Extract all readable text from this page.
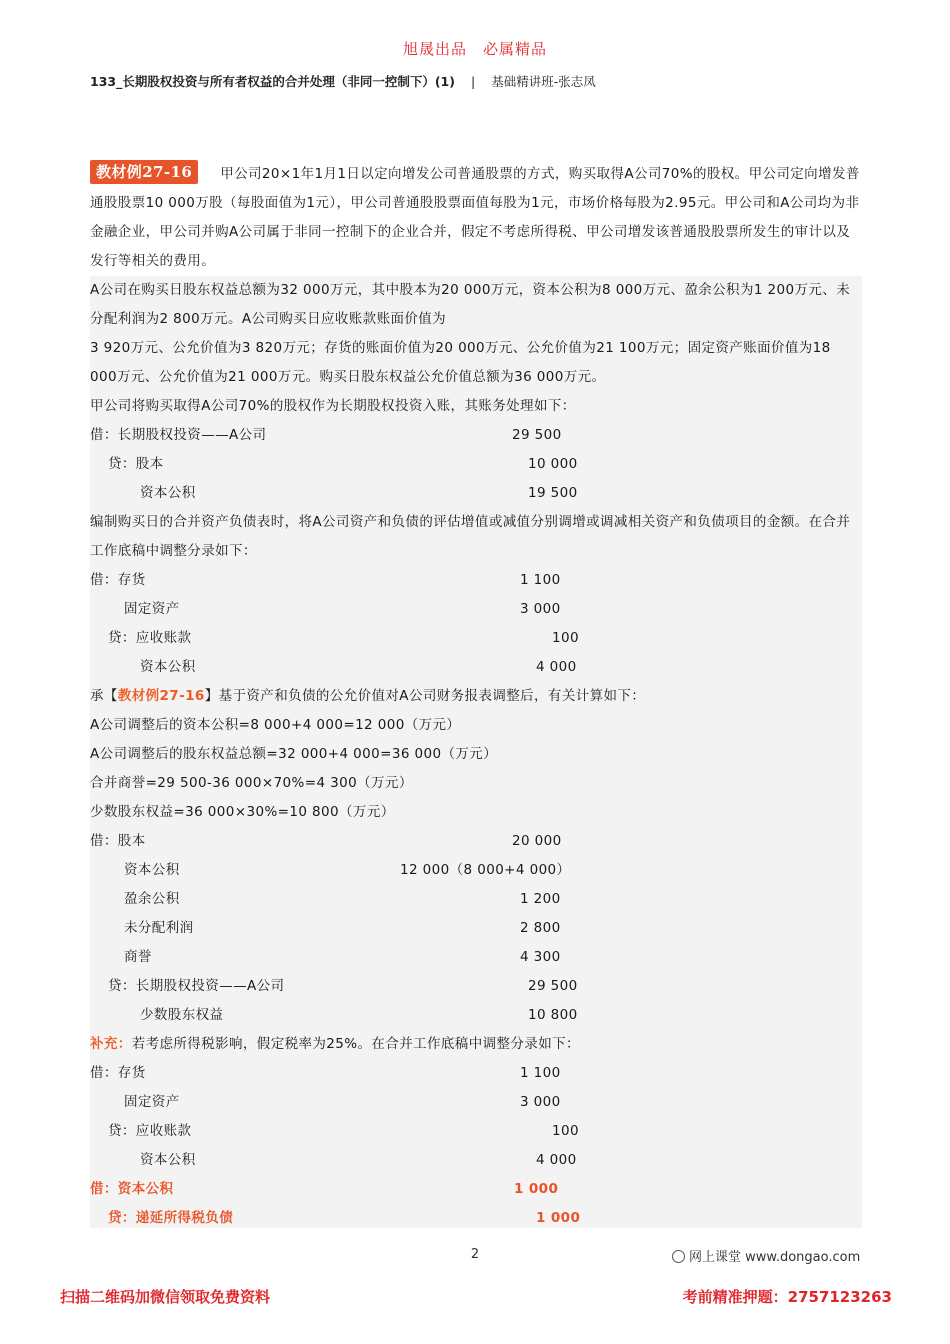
旭晟出品　必属精品
133_长期股权投资与所有者权益的合并处理（非同一控制下）(1) | 基础精讲班-张志凤
教材例27-16 甲公司20×1年1月1日以定向增发公司普通股票的方式，购买取得A公司70%的股权。甲公司定向增发普通股股票10 000万股（每股面值为1元），甲公司普通股股票面值每股为1元，市场价格每股为2.95元。甲公司和A公司均为非金融企业，甲公司并购A公司属于非同一控制下的企业合并，假定不考虑所得税、甲公司增发该普通股股票所发生的审计以及发行等相关的费用。

A公司在购买日股东权益总额为32 000万元，其中股本为20 000万元，资本公积为8 000万元、盈余公积为1 200万元、未分配利润为2 800万元。A公司购买日应收账款账面价值为

3 920万元、公允价值为3 820万元；存货的账面价值为20 000万元、公允价值为21 100万元；固定资产账面价值为18 000万元、公允价值为21 000万元。购买日股东权益公允价值总额为36 000万元。

甲公司将购买取得A公司70%的股权作为长期股权投资入账，其账务处理如下：

借：长期股权投资——A公司	29 500
贷：股本	10 000
资本公积	19 500

编制购买日的合并资产负债表时，将A公司资产和负债的评估增值或减值分别调增或调减相关资产和负债项目的金额。在合并工作底稿中调整分录如下：

借：存货	1 100
固定资产	3 000
贷：应收账款	100
资本公积	4 000

承【教材例27-16】基于资产和负债的公允价值对A公司财务报表调整后，有关计算如下：

A公司调整后的资本公积=8 000+4 000=12 000（万元）

A公司调整后的股东权益总额=32 000+4 000=36 000（万元）

合并商誉=29 500-36 000×70%=4 300（万元）

少数股东权益=36 000×30%=10 800（万元）

借：股本	20 000
资本公积	12 000（8 000+4 000）
盈余公积	1 200
未分配利润	2 800
商誉	4 300
贷：长期股权投资——A公司	29 500
少数股东权益	10 800

补充：若考虑所得税影响，假定税率为25%。在合并工作底稿中调整分录如下：

借：存货	1 100
固定资产	3 000
贷：应收账款	100
资本公积	4 000
借：资本公积	1 000
贷：递延所得税负债	1 000
2	网上课堂 www.dongao.com
扫描二维码加微信领取免费资料	考前精准押题：2757123263
